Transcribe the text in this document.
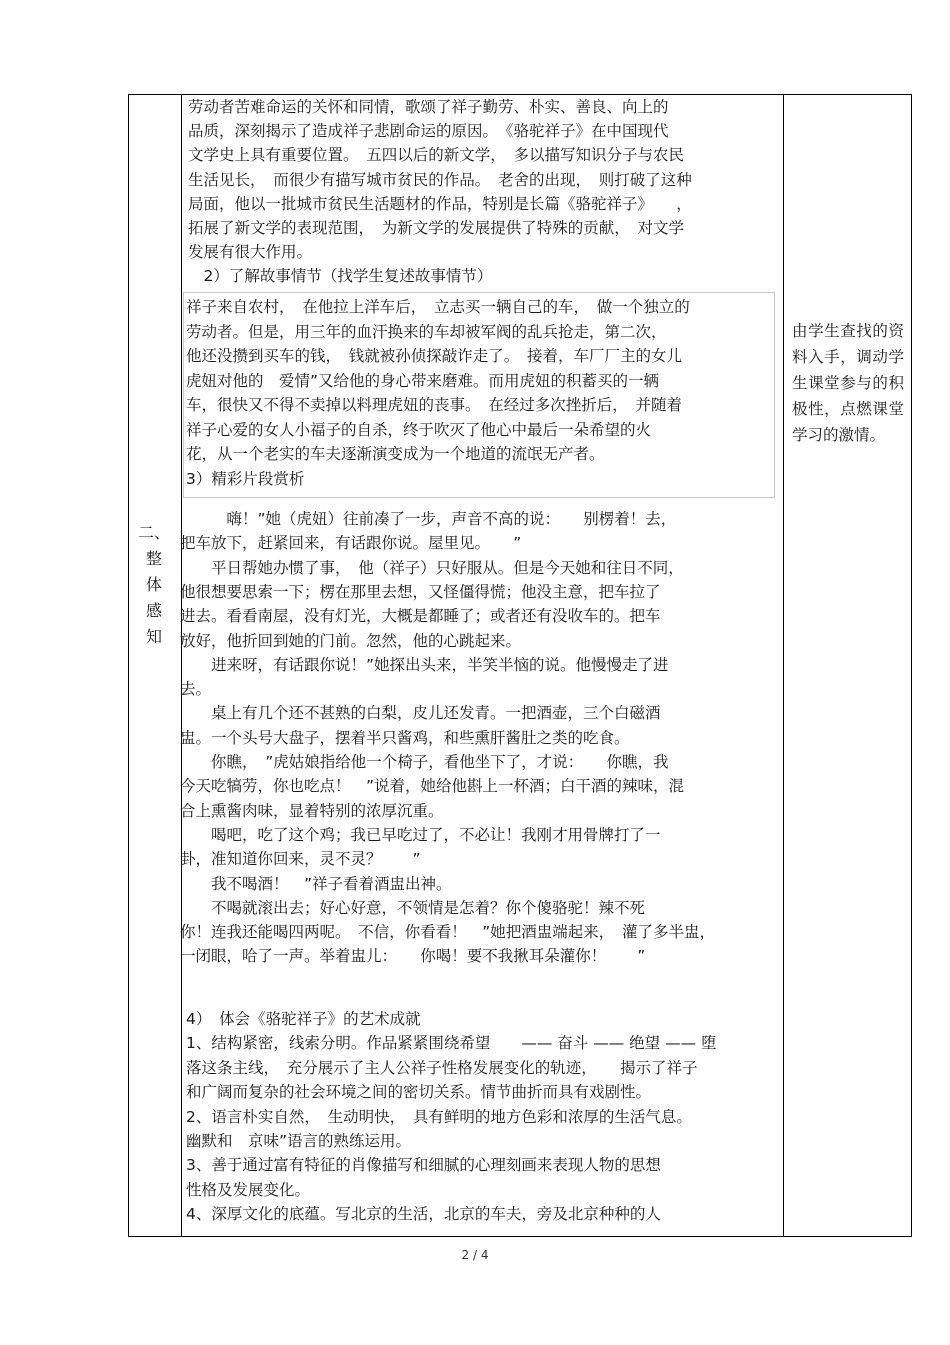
二、
整
体
感
知
劳动者苦难命运的关怀和同情，歌颂了祥子勤劳、朴实、善良、向上的
品质，深刻揭示了造成祥子悲剧命运的原因。　《骆驼祥子》在中国现代
文学史上具有重要位置。　五四以后的新文学，　多以描写知识分子与农民
生活见长，　而很少有描写城市贫民的作品。　老舍的出现，　则打破了这种
局面，他以一批城市贫民生活题材的作品，特别是长篇《骆驼祥子》　　，
拓展了新文学的表现范围，　为新文学的发展提供了特殊的贡献，　对文学
发展有很大作用。
　2）了解故事情节（找学生复述故事情节）
祥子来自农村，　在他拉上洋车后，　立志买一辆自己的车，　做一个独立的
劳动者。但是，用三年的血汗换来的车却被军阀的乱兵抢走，第二次，
他还没攒到买车的钱，　钱就被孙侦探敲诈走了。　接着，车厂厂主的女儿
虎妞对他的　爱情”又给他的身心带来磨难。而用虎妞的积蓄买的一辆
车，很快又不得不卖掉以料理虎妞的丧事。　在经过多次挫折后，　并随着
祥子心爱的女人小福子的自杀，终于吹灭了他心中最后一朵希望的火
花，从一个老实的车夫逐渐演变成为一个地道的流氓无产者。
3）精彩片段赏析
　　　嗨！”她（虎妞）往前凑了一步，声音不高的说：　　别楞着！去，
把车放下，赶紧回来，有话跟你说。屋里见。　　”
　　平日帮她办惯了事，　他（祥子）只好服从。但是今天她和往日不同，
他很想要思索一下；楞在那里去想，又怪僵得慌；他没主意，把车拉了
进去。看看南屋，没有灯光，大概是都睡了；或者还有没收车的。把车
放好，他折回到她的门前。忽然，他的心跳起来。
　　进来呀，有话跟你说！”她探出头来，半笑半恼的说。他慢慢走了进
去。
　　桌上有几个还不甚熟的白梨，皮儿还发青。一把酒壶，三个白磁酒
盅。一个头号大盘子，摆着半只酱鸡，和些熏肝酱肚之类的吃食。
　　你瞧，　”虎姑娘指给他一个椅子，看他坐下了，才说：　　你瞧，我
今天吃犒劳，你也吃点！　”说着，她给他斟上一杯酒；白干酒的辣味，混
合上熏酱肉味，显着特别的浓厚沉重。
　　喝吧，吃了这个鸡；我已早吃过了，不必让！我刚才用骨牌打了一
卦，准知道你回来，灵不灵？　　”
　　我不喝酒！　”祥子看着酒盅出神。
　　不喝就滚出去；好心好意，不领情是怎着？你个傻骆驼！辣不死
你！连我还能喝四两呢。　不信，你看看！　”她把酒盅端起来，　灌了多半盅，
一闭眼，哈了一声。举着盅儿：　　你喝！要不我揪耳朵灌你！　　”
4）　体会《骆驼祥子》的艺术成就
1、结构紧密，线索分明。作品紧紧围绕希望　　—— 奋斗 —— 绝望 —— 堕
落这条主线，　充分展示了主人公祥子性格发展变化的轨迹，　　揭示了祥子
和广阔而复杂的社会环境之间的密切关系。情节曲折而具有戏剧性。
2、语言朴实自然，　生动明快，　具有鲜明的地方色彩和浓厚的生活气息。
幽默和　京味”语言的熟练运用。
3、善于通过富有特征的肖像描写和细腻的心理刻画来表现人物的思想
性格及发展变化。
4、深厚文化的底蕴。写北京的生活，北京的车夫，旁及北京种种的人
由学生查找的资料入手，调动学生课堂参与的积极性，点燃课堂学习的激情。
2 / 4
